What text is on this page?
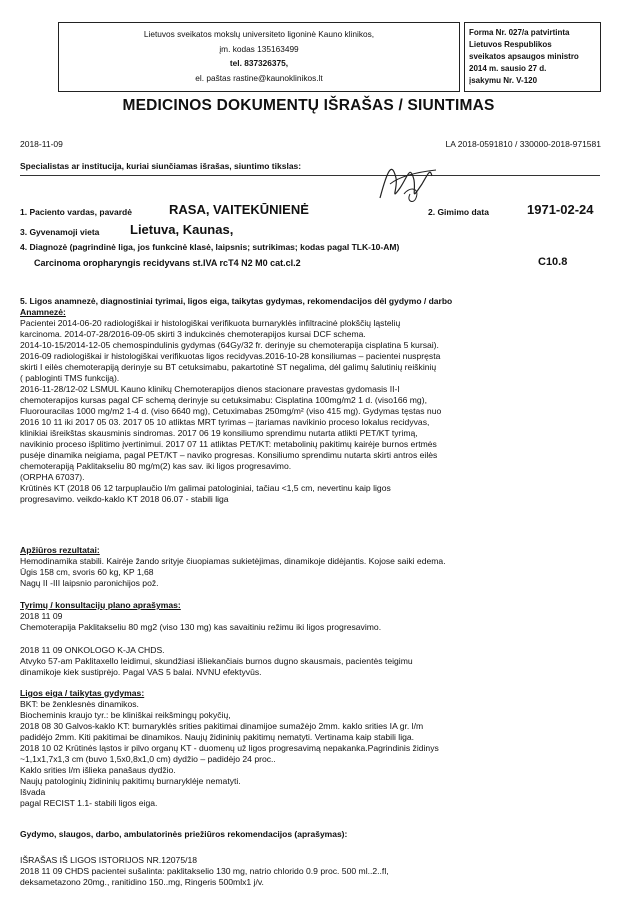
Lietuvos sveikatos mokslų universiteto ligoninė Kauno klinikos,
įm. kodas 135163499
tel. 837326375,
el. paštas rastine@kaunoklinikos.lt
Forma Nr. 027/a patvirtinta
Lietuvos Respublikos
sveikatos apsaugos ministro
2014 m. sausio 27 d.
įsakymu Nr. V-120
MEDICINOS DOKUMENTŲ IŠRAŠAS / SIUNTIMAS
2018-11-09	LA 2018-0591810 / 330000-2018-971581
Specialistas ar institucija, kuriai siunčiamas išrašas, siuntimo tikslas:
1. Paciento vardas, pavardė	RASA, VAITEKŪNIENĖ	2. Gimimo data	1971-02-24
3. Gyvenamoji vieta Lietuva, Kaunas,
4. Diagnozė (pagrindinė liga, jos funkcinė klasė, laipsnis; sutrikimas; kodas pagal TLK-10-AM)
Carcinoma oropharyngis recidyvans st.IVA rcT4 N2 M0 cat.cl.2	C10.8
5. Ligos anamnezė, diagnostiniai tyrimai, ligos eiga, taikytas gydymas, rekomendacijos dėl gydymo / darbo
Anamnezė:
Pacientei 2014-06-20 radiologiškai ir histologiškai verifikuota burnaryklės infiltracinė plokščių ląstelių
karcinoma. 2014-07-28/2016-09-05 skirti 3 indukcinės chemoterapijos kursai DCF schema.
2014-10-15/2014-12-05 chemospindulinis gydymas (64Gy/32 fr. derinyje su chemoterapija cisplatina 5 kursai).
2016-09 radiologiškai ir histologiškai verifikuotas ligos recidyvas.2016-10-28 konsiliumas – pacientei nuspręsta
skirti I eilės chemoterapiją derinyje su BT cetuksimabu, pakartotinė ST negalima, dėl galimų šalutinių reiškinių
( pabloginti TMS funkciją).
2016-11-28/12-02 LSMUL Kauno klinikų Chemoterapijos dienos stacionare pravestas gydomasis II-I
chemoterapijos kursas pagal CF schemą derinyje su cetuksimabu: Cisplatina 100mg/m2 1 d. (viso166 mg),
Fluorouracilas 1000 mg/m2 1-4 d. (viso 6640 mg), Cetuximabas 250mg/m² (viso 415 mg). Gydymas tęstas nuo
2016 10 11 iki 2017 05 03. 2017 05 10 atliktas MRT tyrimas – įtariamas navikinio proceso lokalus recidyvas,
klinikiai išreikštas skausminis sindromas. 2017 06 19 konsiliumo sprendimu nutarta atlikti PET/KT tyrimą,
navikinio proceso išplitimo įvertinimui. 2017 07 11 atliktas PET/KT: metabolinių pakitimų kairėje burnos ertmės
pusėje dinamika neigiama, pagal PET/KT – naviko progresas. Konsiliumo sprendimu nutarta skirti antros eilės
chemoterapiją Paklitakseliu 80 mg/m(2) kas sav. iki ligos progresavimo.
(ORPHA 67037).
Krūtinės KT (2018 06 12 tarpuplaučio l/m galimai patologiniai, tačiau <1,5 cm, nevertinu kaip ligos
progresavimo. veikdo-kaklo KT 2018 06.07 - stabili liga
Apžiūros rezultatai:
Hemodinamika stabili. Kairėje žando srityje čiuopiamas sukietėjimas, dinamikoje didėjantis. Kojose saiki edema.
Ūgis 158 cm, svoris 60 kg, KP 1,68
Nagų II -III laipsnio paronichijos pož.
Tyrimų / konsultacijų plano aprašymas:
2018 11 09
Chemoterapija Paklitakseliu 80 mg2 (viso 130 mg) kas savaitiniu režimu iki ligos progresavimo.
2018 11 09 ONKOLOGO K-JA CHDS.
Atvyko 57-am Paklitaxello leidimui, skundžiasi išliekančiais burnos dugno skausmais, pacientės teigimu
dinamikoje kiek sustiprėjo. Pagal VAS 5 balai. NVNU efektyvūs.
Ligos eiga / taikytas gydymas:
BKT: be ženklesnės dinamikos.
Biocheminis kraujo tyr.: be kliniškai reikšmingų pokyčių,
2018 08 30 Galvos-kaklo KT: burnaryklės srities pakitimai dinamijoe sumažėjo 2mm. kaklo srities IA gr. l/m
padidėjo 2mm. Kiti pakitimai be dinamikos. Naujų židininių pakitimų nematyti. Vertinama kaip stabili liga.
2018 10 02 Krūtinės ląstos ir pilvo organų KT - duomenų už ligos progresavimą nepakanka.Pagrindinis židinys
~1,1x1,7x1,3 cm (buvo 1,5x0,8x1,0 cm) dydžio – padidėjo 24 proc..
Kaklo srities l/m išlieka panašaus dydžio.
Naujų patologinių židininių pakitimų burnaryklėje nematyti.
Išvada
pagal RECIST 1.1- stabili ligos eiga.
Gydymo, slaugos, darbo, ambulatorinės priežiūros rekomendacijos (aprašymas):
IŠRAŠAS IŠ LIGOS ISTORIJOS NR.12075/18
2018 11 09 CHDS pacientei sušalinta: paklitakselio 130 mg, natrio chlorido 0.9 proc. 500 ml..2..fl,
deksametazono 20mg., ranitidino 150..mg, Ringeris 500mlx1 j/v.
